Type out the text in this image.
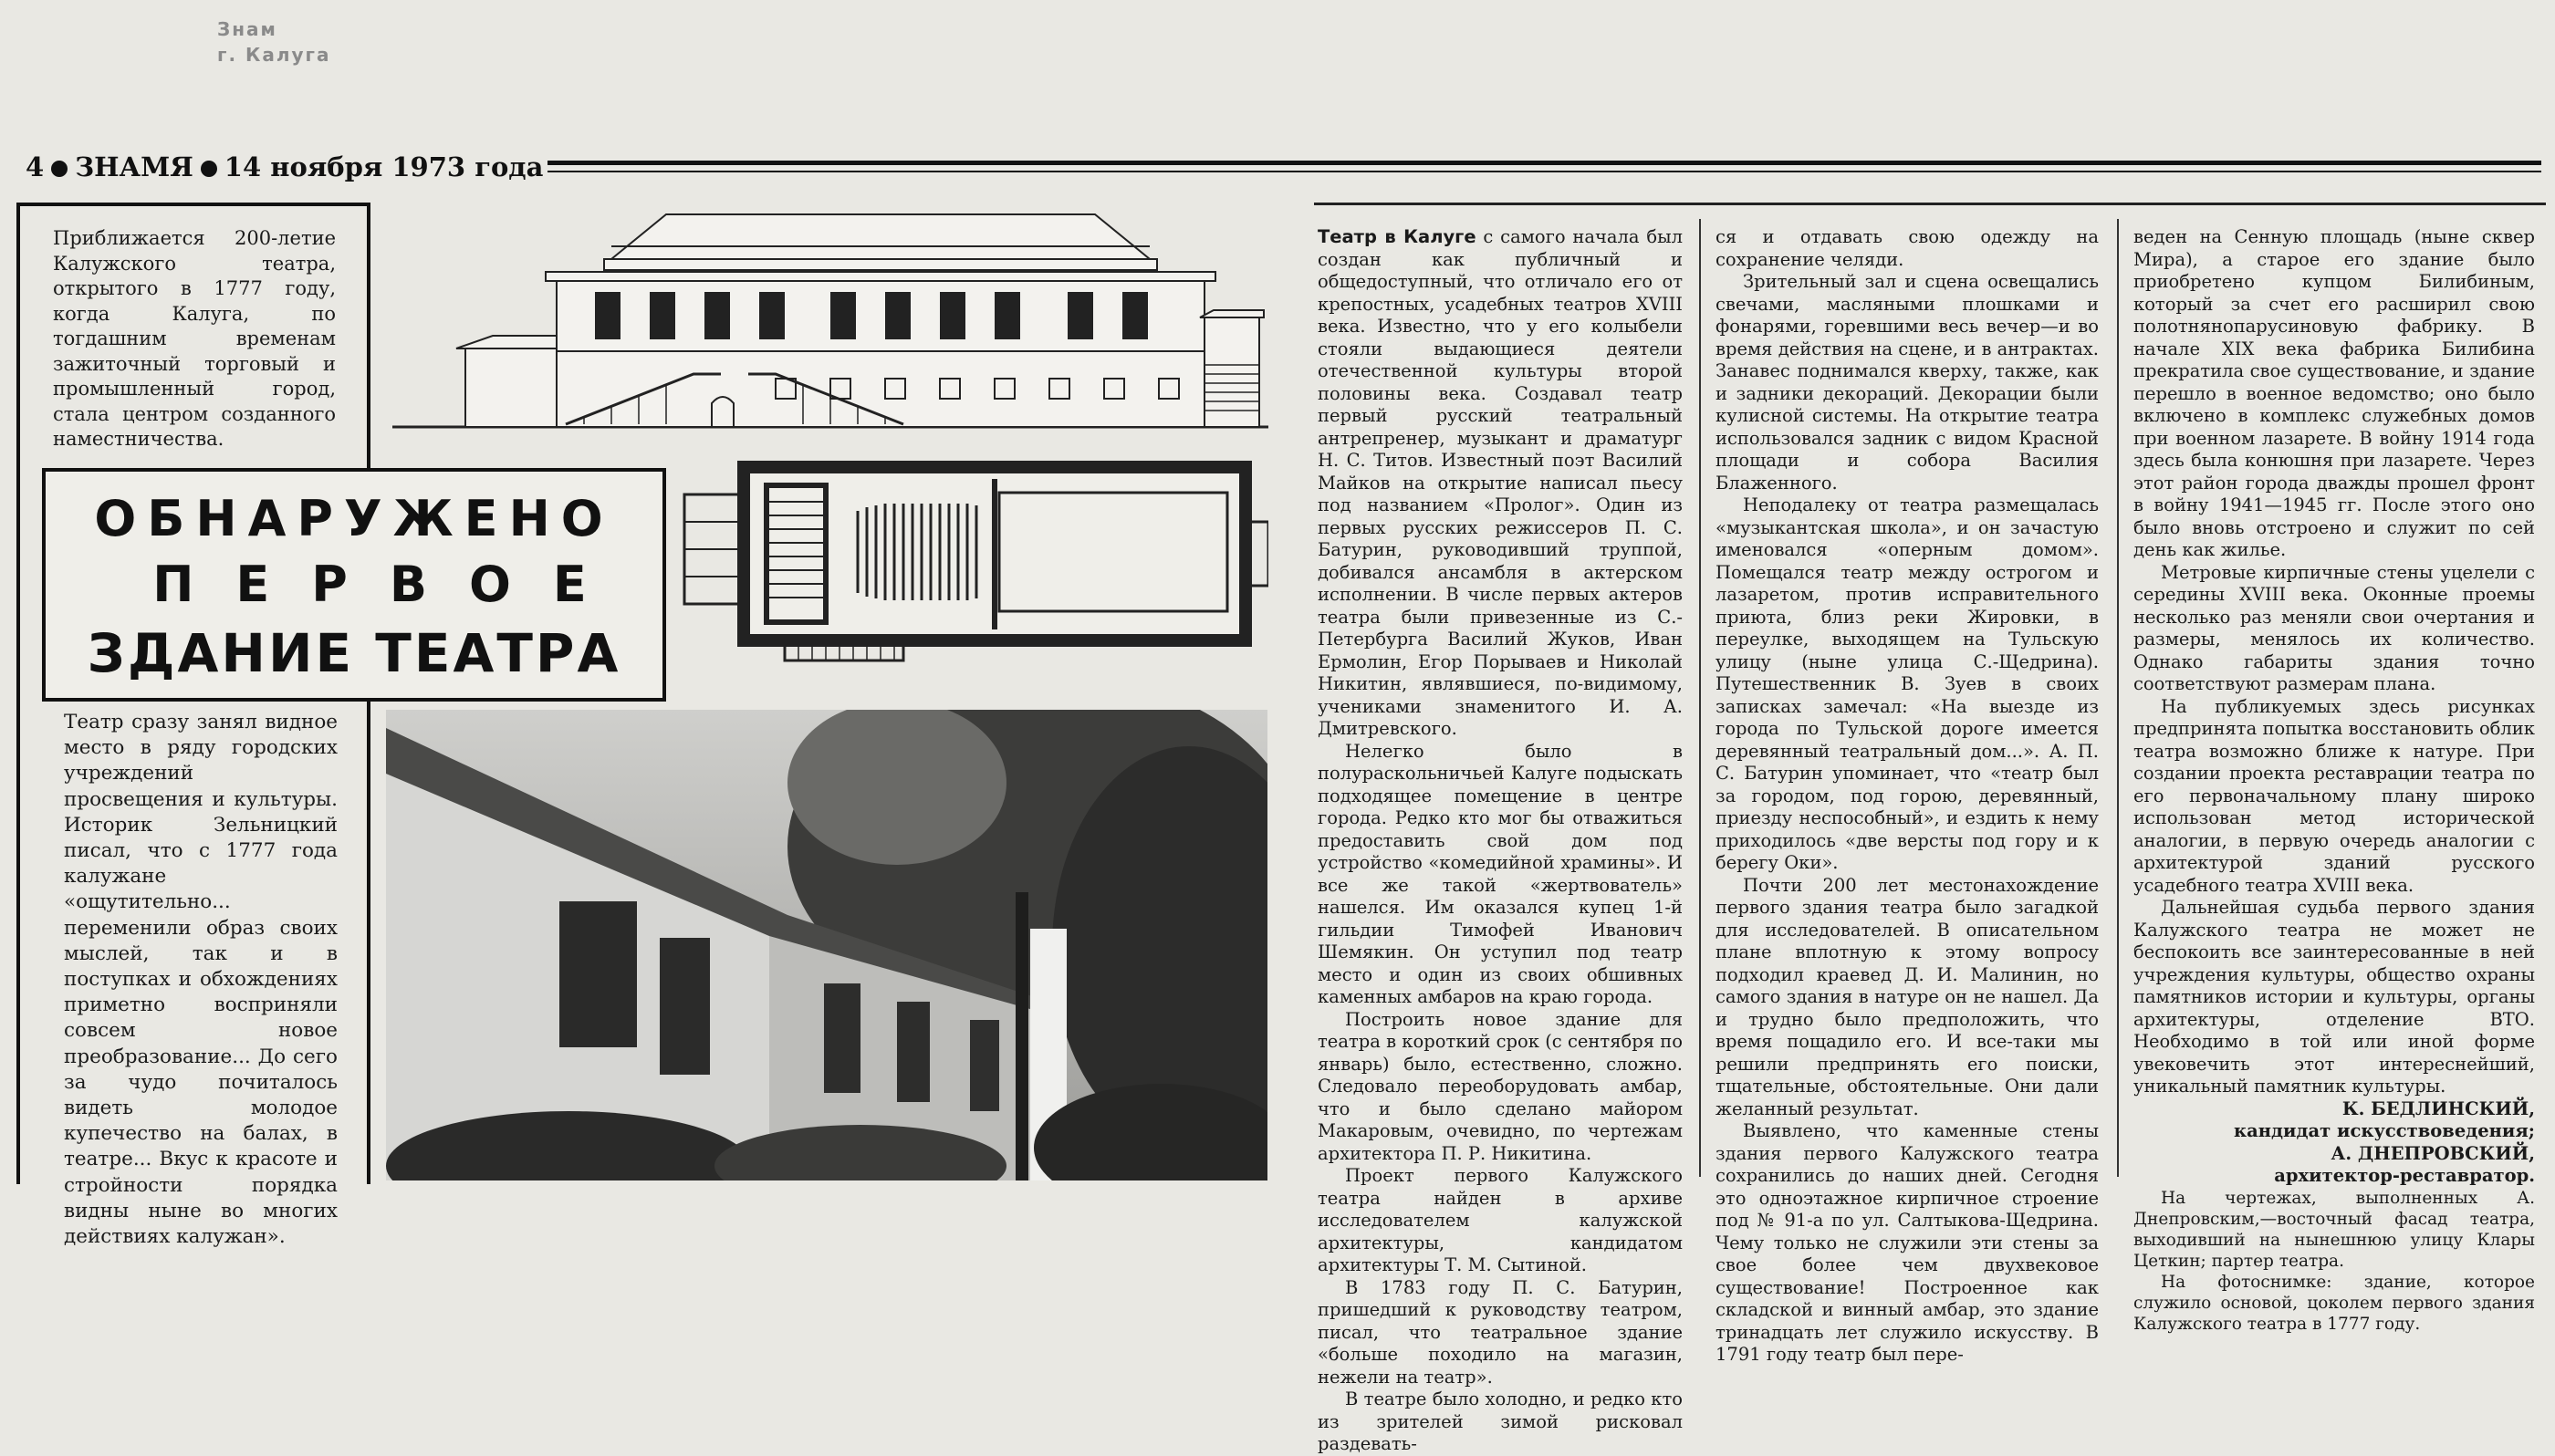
Знам
г. Калуга
4 ЗНАМЯ 14 ноября 1973 года
Приближается 200-летие Калужского театра, открытого в 1777 году, когда Калуга, по тогдашним временам зажиточный торговый и промышленный город, стала центром созданного наместничества.
ОБНАРУЖЕНО
ПЕРВОЕ
ЗДАНИЕ ТЕАТРА
Театр сразу занял видное место в ряду городских учреждений просвещения и культуры. Историк Зельницкий писал, что с 1777 года калужане «ощутительно... переменили образ своих мыслей, так и в поступках и обхождениях приметно восприняли совсем новое преобразование... До сего за чудо почиталось видеть молодое купечество на балах, в театре... Вкус к красоте и стройности порядка видны ныне во многих действиях калужан».

Театр в Калуге с самого начала был создан как публичный и общедоступный, что отличало его от крепостных, усадебных театров XVIII века. Известно, что у его колыбели стояли выдающиеся деятели отечественной культуры второй половины века. Создавал театр первый русский театральный антрепренер, музыкант и драматург Н. С. Титов. Известный поэт Василий Майков на открытие написал пьесу под названием «Пролог». Один из первых русских режиссеров П. С. Батурин, руководивший труппой, добивался ансамбля в актерском исполнении. В числе первых актеров театра были привезенные из С.-Петербурга Василий Жуков, Иван Ермолин, Егор Порываев и Николай Никитин, являвшиеся, по-видимому, учениками знаменитого И. А. Дмитревского.

Нелегко было в полураскольничьей Калуге подыскать подходящее помещение в центре города. Редко кто мог бы отважиться предоставить свой дом под устройство «комедийной храмины». И все же такой «жертвователь» нашелся. Им оказался купец 1-й гильдии Тимофей Иванович Шемякин. Он уступил под театр место и один из своих обшивных каменных амбаров на краю города.

Построить новое здание для театра в короткий срок (с сентября по январь) было, естественно, сложно. Следовало переоборудовать амбар, что и было сделано майором Макаровым, очевидно, по чертежам архитектора П. Р. Никитина.

Проект первого Калужского театра найден в архиве исследователем калужской архитектуры, кандидатом архитектуры Т. М. Сытиной.

В 1783 году П. С. Батурин, пришедший к руководству театром, писал, что театральное здание «больше походило на магазин, нежели на театр».

В театре было холодно, и редко кто из зрителей зимой рисковал раздевать-

ся и отдавать свою одежду на сохранение челяди.

Зрительный зал и сцена освещались свечами, масляными плошками и фонарями, горевшими весь вечер—и во время действия на сцене, и в антрактах. Занавес поднимался кверху, также, как и задники декораций. Декорации были кулисной системы. На открытие театра использовался задник с видом Красной площади и собора Василия Блаженного.

Неподалеку от театра размещалась «музыкантская школа», и он зачастую именовался «оперным домом». Помещался театр между острогом и лазаретом, против исправительного приюта, близ реки Жировки, в переулке, выходящем на Тульскую улицу (ныне улица С.-Щедрина). Путешественник В. Зуев в своих записках замечал: «На выезде из города по Тульской дороге имеется деревянный театральный дом...». А. П. С. Батурин упоминает, что «театр был за городом, под горою, деревянный, приезду неспособный», и ездить к нему приходилось «две версты под гору и к берегу Оки».

Почти 200 лет местонахождение первого здания театра было загадкой для исследователей. В описательном плане вплотную к этому вопросу подходил краевед Д. И. Малинин, но самого здания в натуре он не нашел. Да и трудно было предположить, что время пощадило его. И все-таки мы решили предпринять его поиски, тщательные, обстоятельные. Они дали желанный результат.

Выявлено, что каменные стены здания первого Калужского театра сохранились до наших дней. Сегодня это одноэтажное кирпичное строение под № 91-а по ул. Салтыкова-Щедрина. Чему только не служили эти стены за свое более чем двухвековое существование! Построенное как складской и винный амбар, это здание тринадцать лет служило искусству. В 1791 году театр был пере-

веден на Сенную площадь (ныне сквер Мира), а старое его здание было приобретено купцом Билибиным, который за счет его расширил свою полотнянопарусиновую фабрику. В начале XIX века фабрика Билибина прекратила свое существование, и здание перешло в военное ведомство; оно было включено в комплекс служебных домов при военном лазарете. В войну 1914 года здесь была конюшня при лазарете. Через этот район города дважды прошел фронт в войну 1941—1945 гг. После этого оно было вновь отстроено и служит по сей день как жилье.

Метровые кирпичные стены уцелели с середины XVIII века. Оконные проемы несколько раз меняли свои очертания и размеры, менялось их количество. Однако габариты здания точно соответствуют размерам плана.

На публикуемых здесь рисунках предпринята попытка восстановить облик театра возможно ближе к натуре. При создании проекта реставрации театра по его первоначальному плану широко использован метод исторической аналогии, в первую очередь аналогии с архитектурой зданий русского усадебного театра XVIII века.

Дальнейшая судьба первого здания Калужского театра не может не беспокоить все заинтересованные в ней учреждения культуры, общество охраны памятников истории и культуры, органы архитектуры, отделение ВТО. Необходимо в той или иной форме увековечить этот интереснейший, уникальный памятник культуры.

К. БЕДЛИНСКИЙ,
кандидат искусствоведения;
А. ДНЕПРОВСКИЙ,
архитектор-реставратор.

На чертежах, выполненных А. Днепровским,—восточный фасад театра, выходивший на нынешнюю улицу Клары Цеткин; партер театра.

На фотоснимке: здание, которое служило основой, цоколем первого здания Калужского театра в 1777 году.
